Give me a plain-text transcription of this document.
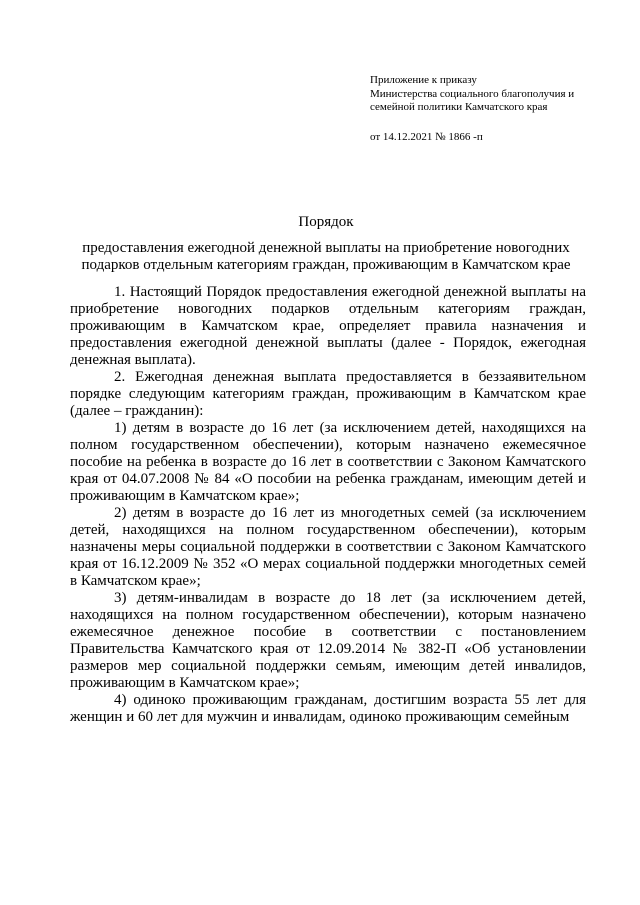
Приложение к приказу
Министерства социального благополучия и
семейной политики Камчатского края
от 14.12.2021 № 1866 -п
Порядок
предоставления ежегодной денежной выплаты на приобретение новогодних подарков отдельным категориям граждан, проживающим в Камчатском крае

1. Настоящий Порядок предоставления ежегодной денежной выплаты на приобретение новогодних подарков отдельным категориям граждан, проживающим в Камчатском крае, определяет правила назначения и предоставления ежегодной денежной выплаты (далее - Порядок, ежегодная денежная выплата).

2. Ежегодная денежная выплата предоставляется в беззаявительном порядке следующим категориям граждан, проживающим в Камчатском крае (далее – гражданин):

1) детям в возрасте до 16 лет (за исключением детей, находящихся на полном государственном обеспечении), которым назначено ежемесячное пособие на ребенка в возрасте до 16 лет в соответствии с Законом Камчатского края от 04.07.2008 № 84 «О пособии на ребенка гражданам, имеющим детей и проживающим в Камчатском крае»;

2) детям в возрасте до 16 лет из многодетных семей (за исключением детей, находящихся на полном государственном обеспечении), которым назначены меры социальной поддержки в соответствии с Законом Камчатского края от 16.12.2009 № 352 «О мерах социальной поддержки многодетных семей в Камчатском крае»;

3) детям-инвалидам в возрасте до 18 лет (за исключением детей, находящихся на полном государственном обеспечении), которым назначено ежемесячное денежное пособие в соответствии с постановлением Правительства Камчатского края от 12.09.2014 № 382-П «Об установлении размеров мер социальной поддержки семьям, имеющим детей инвалидов, проживающим в Камчатском крае»;

4) одиноко проживающим гражданам, достигшим возраста 55 лет для женщин и 60 лет для мужчин и инвалидам, одиноко проживающим семейным
